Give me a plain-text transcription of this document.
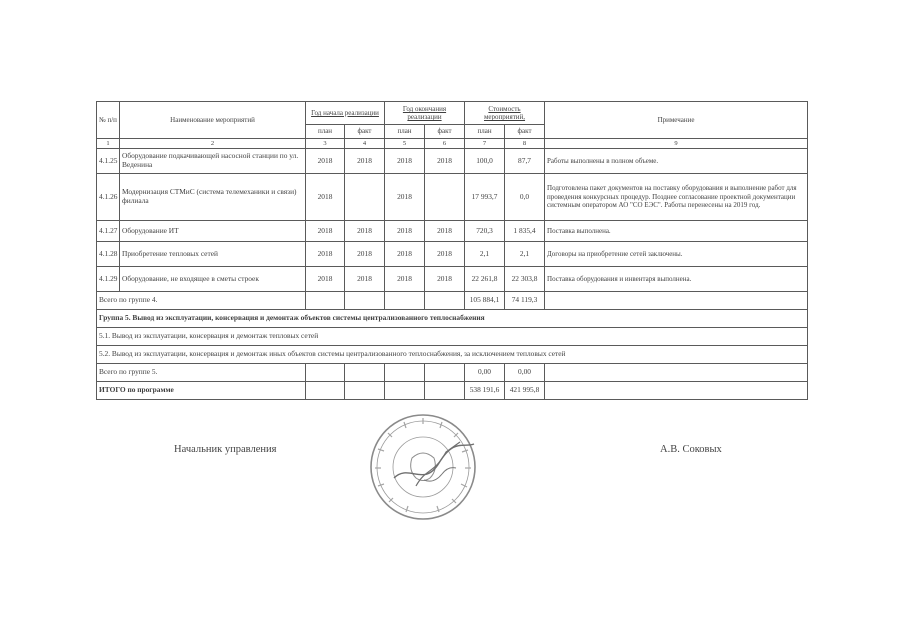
№ п/п	Наименование мероприятий	Год начала реализации		Год окончания реализации		Стоимость мероприятий,		Примечание
		план	факт	план	факт	план	факт	
1	2	3	4	5	6	7	8	9
4.1.25	Оборудование подкачивающей насосной станции по ул. Веденина	2018	2018	2018	2018	100,0	87,7	Работы выполнены в полном объеме.
4.1.26	Модернизация СТМиС (система телемеханики и связи) филиала	2018		2018		17 993,7	0,0	Подготовлена пакет документов на поставку оборудования и выполнение работ для проведения конкурсных процедур. Позднее согласование проектной документации системным оператором АО "СО ЕЭС". Работы перенесены на 2019 год.
4.1.27	Оборудование ИТ	2018	2018	2018	2018	720,3	1 835,4	Поставка выполнена.
4.1.28	Приобретение тепловых сетей	2018	2018	2018	2018	2,1	2,1	Договоры на приобретение сетей заключены.
4.1.29	Оборудование, не входящее в сметы строек	2018	2018	2018	2018	22 261,8	22 303,8	Поставка оборудования и инвентаря выполнена.
Всего по группе 4.						105 884,1	74 119,3	
Группа 5. Вывод из эксплуатации, консервация и демонтаж объектов системы централизованного теплоснабжения								
5.1. Вывод из эксплуатации, консервация и демонтаж тепловых сетей								
5.2. Вывод из эксплуатации, консервация и демонтаж иных объектов системы централизованного теплоснабжения, за исключением тепловых сетей								
Всего по группе 5.						0,00	0,00	
ИТОГО по программе						538 191,6	421 995,8	
Начальник управления	А.В. Соковых
